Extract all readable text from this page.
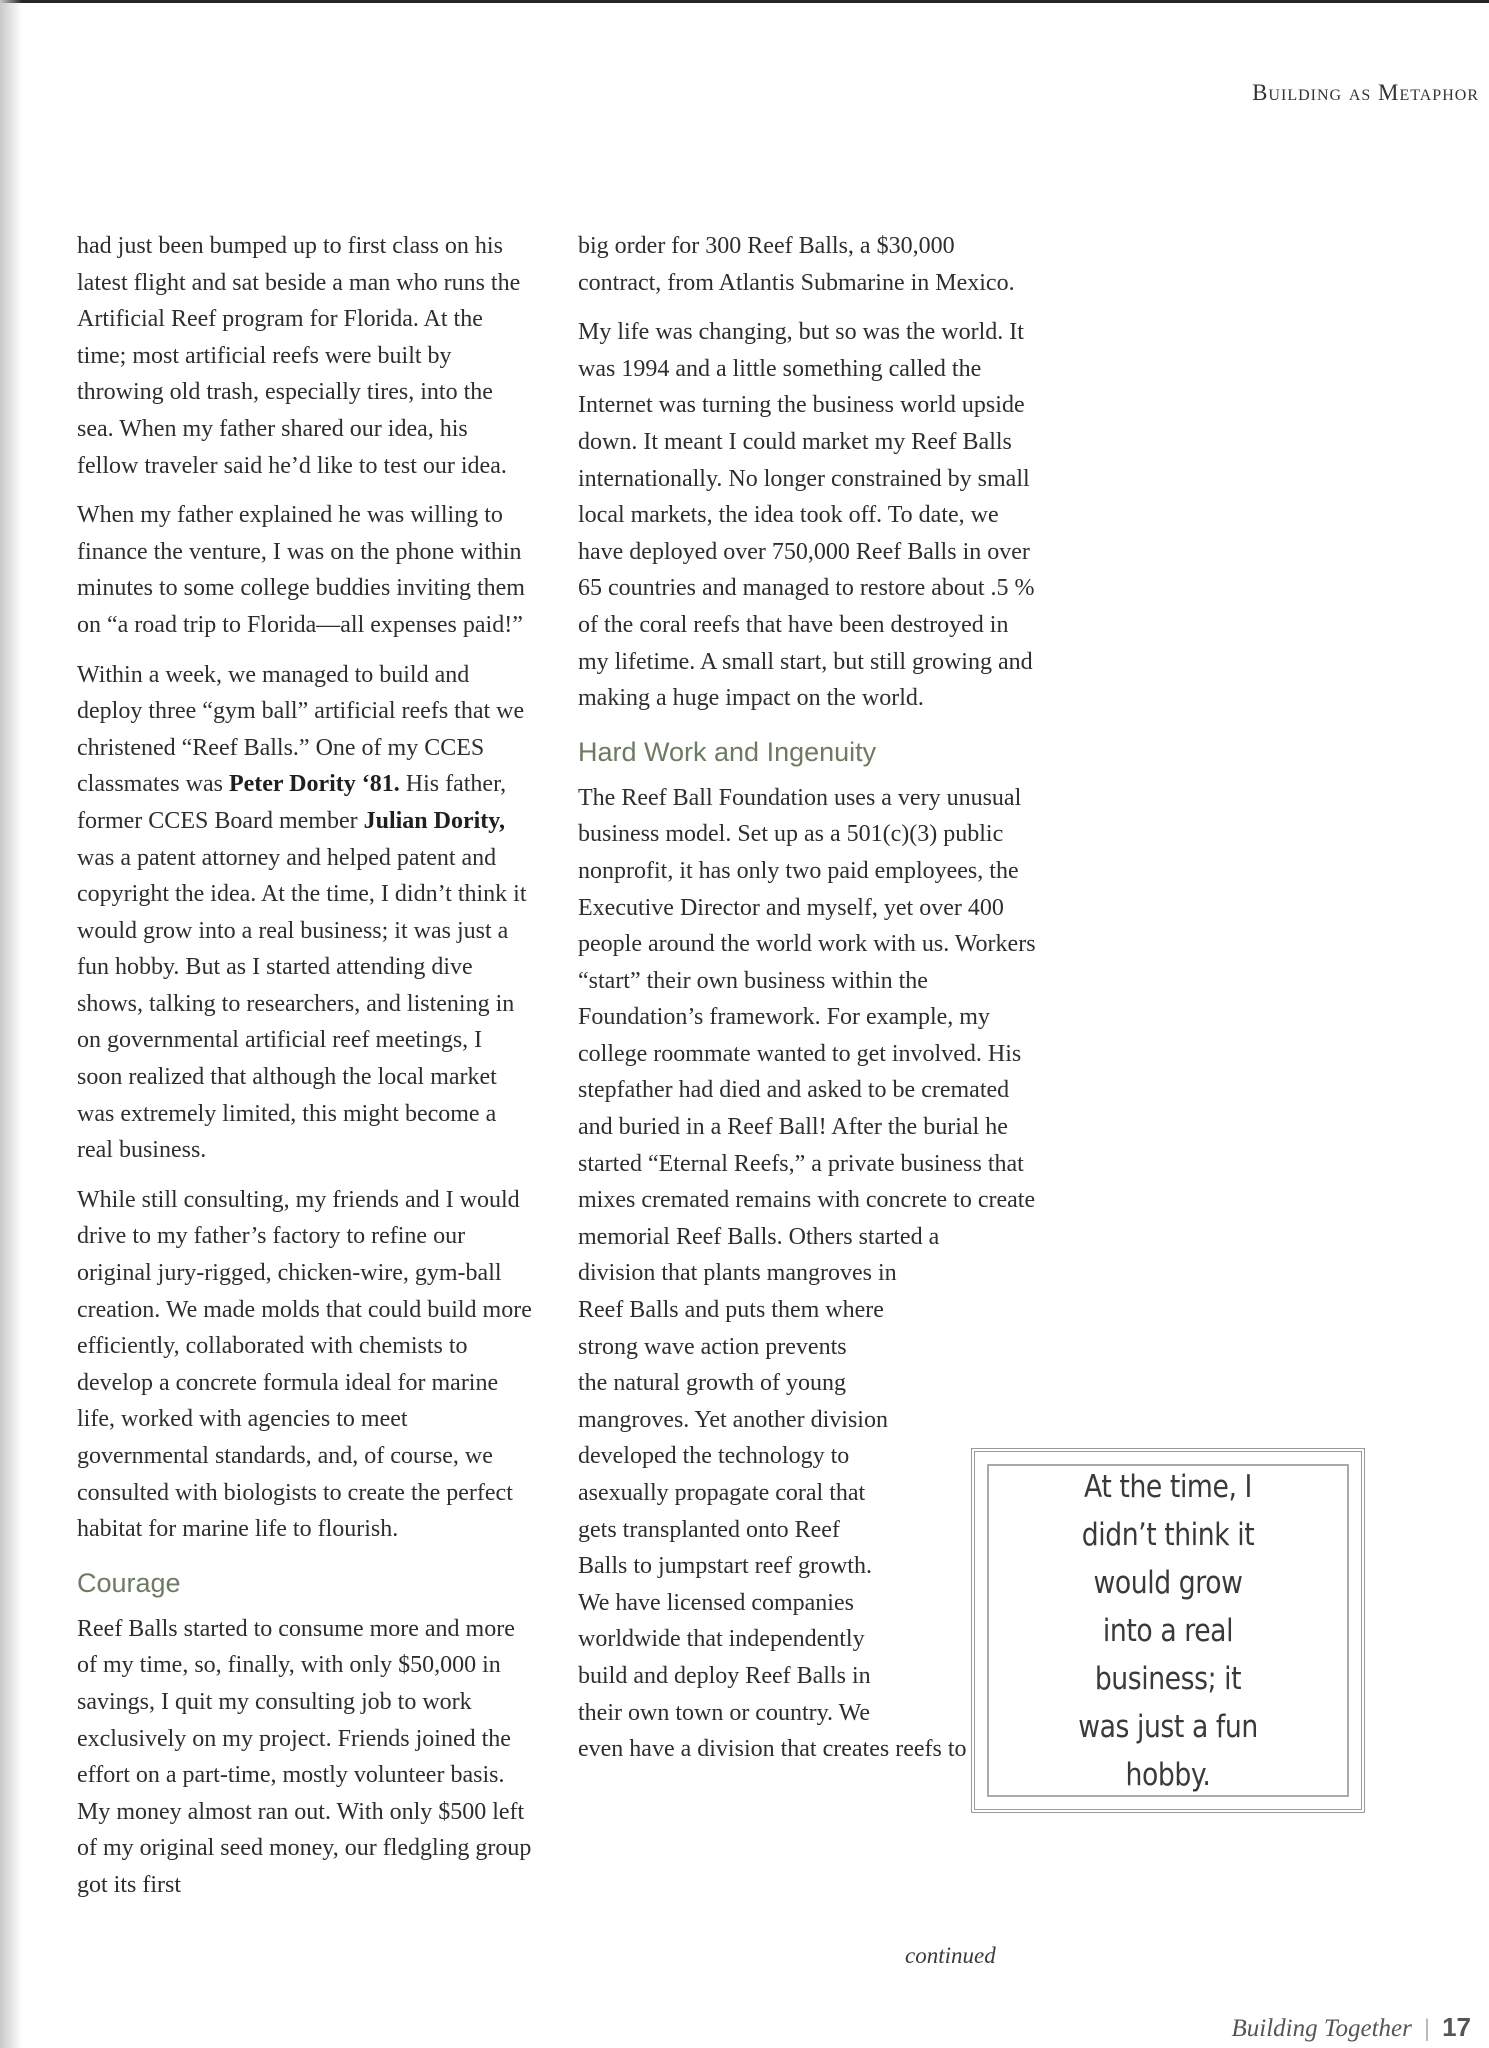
Building as Metaphor

had just been bumped up to first class on his latest flight and sat beside a man who runs the Artificial Reef program for Florida. At the time; most artificial reefs were built by throwing old trash, especially tires, into the sea. When my father shared our idea, his fellow traveler said he’d like to test our idea.

When my father explained he was willing to finance the venture, I was on the phone within minutes to some college buddies inviting them on “a road trip to Florida—all expenses paid!”

Within a week, we managed to build and deploy three “gym ball” artificial reefs that we christened “Reef Balls.” One of my CCES classmates was Peter Dority ‘81. His father, former CCES Board member Julian Dority, was a patent attorney and helped patent and copyright the idea. At the time, I didn’t think it would grow into a real business; it was just a fun hobby. But as I started attending dive shows, talking to researchers, and listening in on governmental artificial reef meetings, I soon realized that although the local market was extremely limited, this might become a real business.

While still consulting, my friends and I would drive to my father’s factory to refine our original jury-rigged, chicken-wire, gym-ball creation. We made molds that could build more efficiently, collaborated with chemists to develop a concrete formula ideal for marine life, worked with agencies to meet governmental standards, and, of course, we consulted with biologists to create the perfect habitat for marine life to flourish.

Courage

Reef Balls started to consume more and more of my time, so, finally, with only $50,000 in savings, I quit my consulting job to work exclusively on my project. Friends joined the effort on a part-time, mostly volunteer basis. My money almost ran out. With only $500 left of my original seed money, our fledgling group got its first

big order for 300 Reef Balls, a $30,000 contract, from Atlantis Submarine in Mexico.

My life was changing, but so was the world. It was 1994 and a little something called the Internet was turning the business world upside down. It meant I could market my Reef Balls internationally. No longer constrained by small local markets, the idea took off. To date, we have deployed over 750,000 Reef Balls in over 65 countries and managed to restore about .5 % of the coral reefs that have been destroyed in my lifetime. A small start, but still growing and making a huge impact on the world.

Hard Work and Ingenuity

The Reef Ball Foundation uses a very unusual business model. Set up as a 501(c)(3) public nonprofit, it has only two paid employees, the Executive Director and myself, yet over 400 people around the world work with us. Workers “start” their own business within the Foundation’s framework. For example, my college roommate wanted to get involved. His stepfather had died and asked to be cremated and buried in a Reef Ball! After the burial he started “Eternal Reefs,” a private business that mixes cremated remains with concrete to create memorial Reef Balls. Others started a

division that plants mangroves in
Reef Balls and puts them where
strong wave action prevents
the natural growth of young
mangroves. Yet another division
developed the technology to
asexually propagate coral that
gets transplanted onto Reef
Balls to jumpstart reef growth.
We have licensed companies
worldwide that independently
build and deploy Reef Balls in
their own town or country. We
even have a division that creates reefs to

At the time, I didn’t think it would grow into a real business; it was just a fun hobby.
continued
Building Together | 17
